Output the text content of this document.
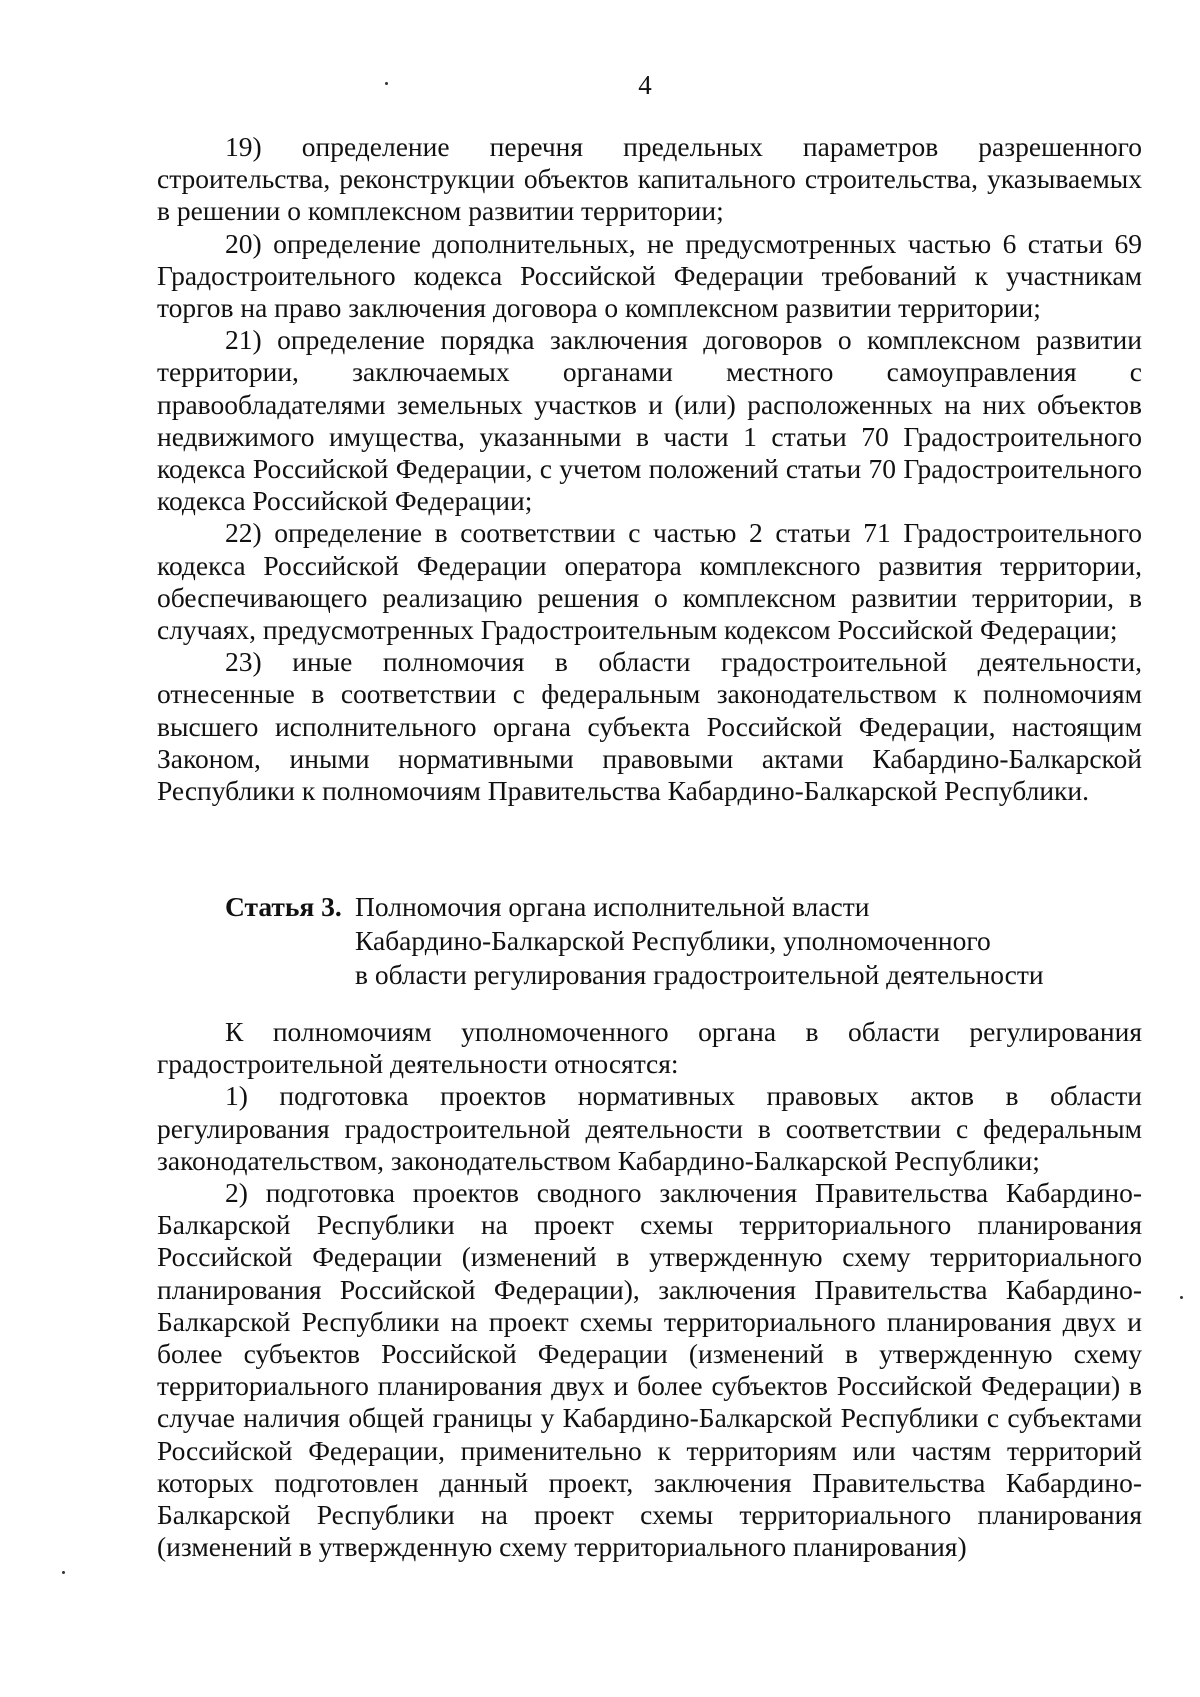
4

19) определение перечня предельных параметров разрешенного строительства, реконструкции объектов капитального строительства, указываемых в решении о комплексном развитии территории;

20) определение дополнительных, не предусмотренных частью 6 статьи 69 Градостроительного кодекса Российской Федерации требований к участникам торгов на право заключения договора о комплексном развитии территории;

21) определение порядка заключения договоров о комплексном развитии территории, заключаемых органами местного самоуправления с правообладателями земельных участков и (или) расположенных на них объектов недвижимого имущества, указанными в части 1 статьи 70 Градостроительного кодекса Российской Федерации, с учетом положений статьи 70 Градостроительного кодекса Российской Федерации;

22) определение в соответствии с частью 2 статьи 71 Градостроительного кодекса Российской Федерации оператора комплексного развития территории, обеспечивающего реализацию решения о комплексном развитии территории, в случаях, предусмотренных Градостроительным кодексом Российской Федерации;

23) иные полномочия в области градостроительной деятельности, отнесенные в соответствии с федеральным законодательством к полномочиям высшего исполнительного органа субъекта Российской Федерации, настоящим Законом, иными нормативными правовыми актами Кабардино-Балкарской Республики к полномочиям Правительства Кабардино-Балкарской Республики.

Статья 3. Полномочия органа исполнительной власти
Кабардино-Балкарской Республики, уполномоченного
в области регулирования градостроительной деятельности

К полномочиям уполномоченного органа в области регулирования градостроительной деятельности относятся:

1) подготовка проектов нормативных правовых актов в области регулирования градостроительной деятельности в соответствии с федеральным законодательством, законодательством Кабардино-Балкарской Республики;

2) подготовка проектов сводного заключения Правительства Кабардино-Балкарской Республики на проект схемы территориального планирования Российской Федерации (изменений в утвержденную схему территориального планирования Российской Федерации), заключения Правительства Кабардино-Балкарской Республики на проект схемы территориального планирования двух и более субъектов Российской Федерации (изменений в утвержденную схему территориального планирования двух и более субъектов Российской Федерации) в случае наличия общей границы у Кабардино-Балкарской Республики с субъектами Российской Федерации, применительно к территориям или частям территорий которых подготовлен данный проект, заключения Правительства Кабардино-Балкарской Республики на проект схемы территориального планирования (изменений в утвержденную схему территориального планирования)
